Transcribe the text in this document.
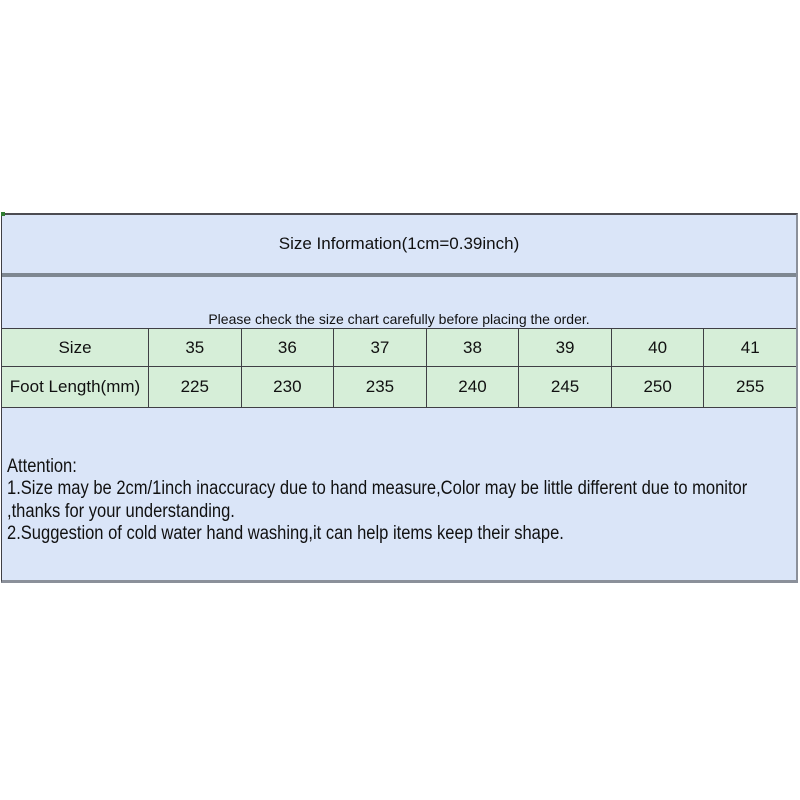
Size Information(1cm=0.39inch)
Please check the size chart carefully before placing the order.
Size	35	36	37	38	39	40	41
Foot Length(mm)	225	230	235	240	245	250	255
Attention:
1.Size may be 2cm/1inch inaccuracy due to hand measure,Color may be little different due to monitor
,thanks for your understanding.
2.Suggestion of cold water hand washing,it can help items keep their shape.
